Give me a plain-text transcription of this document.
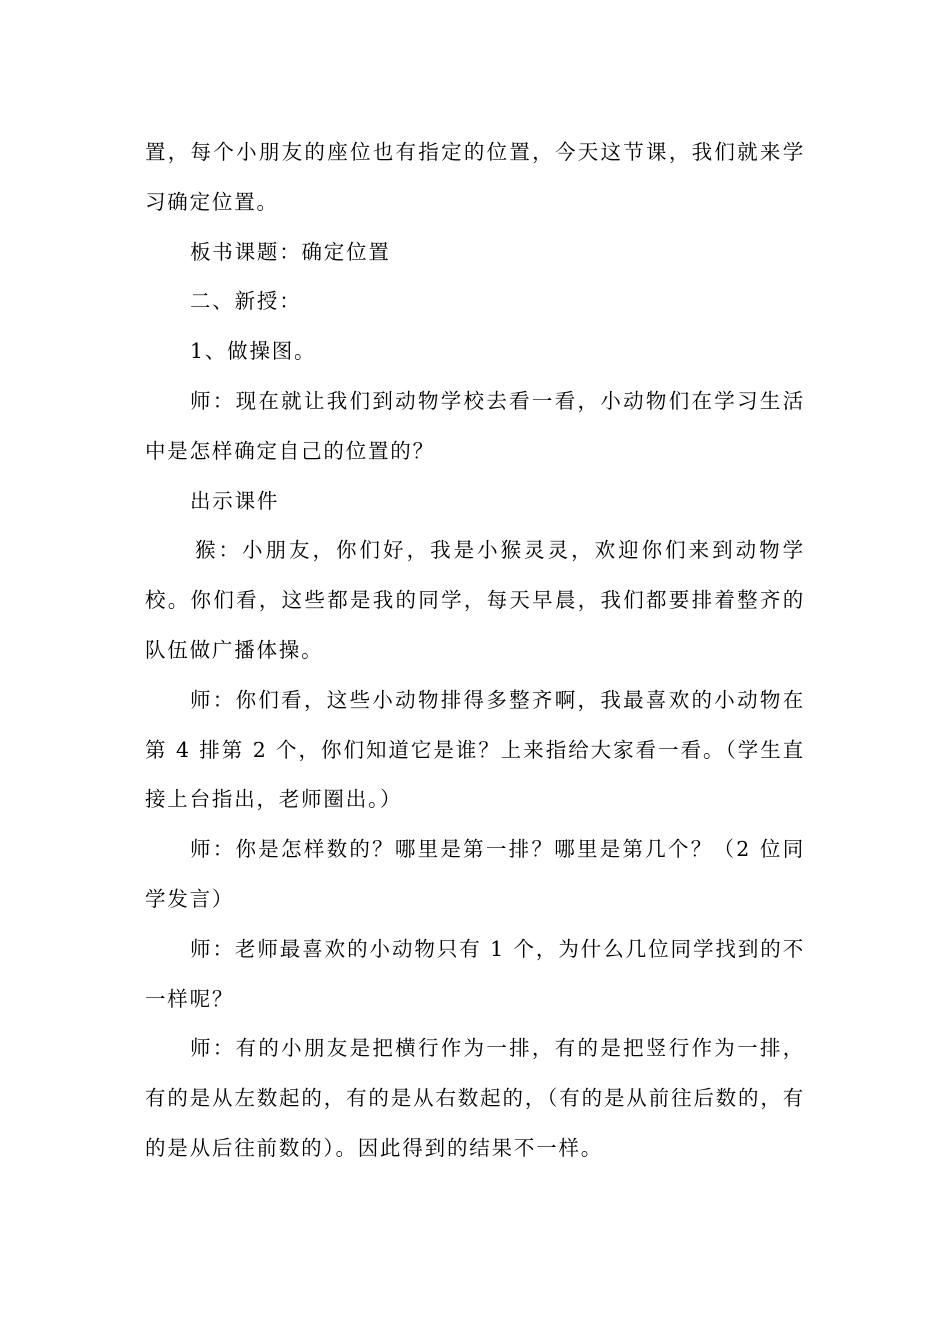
置，每个小朋友的座位也有指定的位置，今天这节课，我们就来学习确定位置。

板书课题：确定位置

二、新授：

1、做操图。

师：现在就让我们到动物学校去看一看，小动物们在学习生活中是怎样确定自己的位置的？

出示课件

猴：小朋友，你们好，我是小猴灵灵，欢迎你们来到动物学校。你们看，这些都是我的同学，每天早晨，我们都要排着整齐的队伍做广播体操。

师：你们看，这些小动物排得多整齐啊，我最喜欢的小动物在第 4 排第 2 个，你们知道它是谁？上来指给大家看一看。（学生直接上台指出，老师圈出。）

师：你是怎样数的？哪里是第一排？哪里是第几个？（2 位同学发言）

师：老师最喜欢的小动物只有 1 个，为什么几位同学找到的不一样呢？

师：有的小朋友是把横行作为一排，有的是把竖行作为一排，有的是从左数起的，有的是从右数起的，（有的是从前往后数的，有的是从后往前数的）。因此得到的结果不一样。
